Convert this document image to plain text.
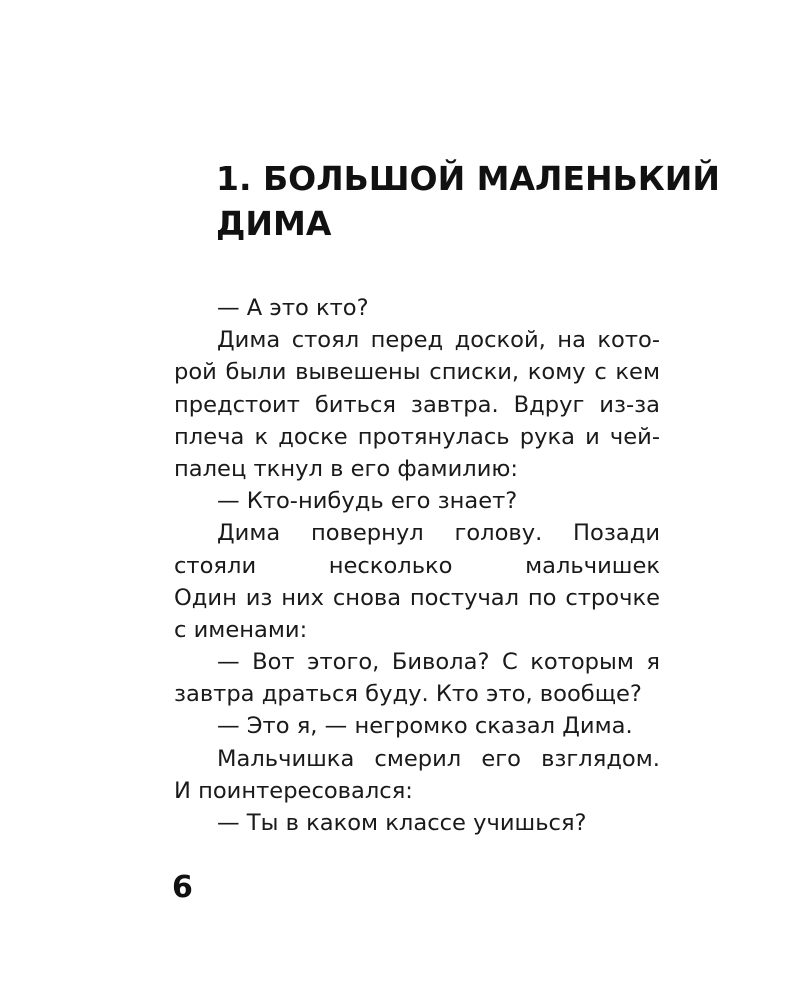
1. БОЛЬШОЙ МАЛЕНЬКИЙ
ДИМА
— А это кто?
Дима стоял перед доской, на кото-
рой были вывешены списки, кому с кем
предстоит биться завтра. Вдруг из-за
плеча к доске протянулась рука и чей-
палец ткнул в его фамилию:
— Кто-нибудь его знает?
Дима повернул голову. Позади
стояли несколько мальчишек
Один из них снова постучал по строчке
с именами:
— Вот этого, Бивола? С которым я
завтра драться буду. Кто это, вообще?
— Это я, — негромко сказал Дима.
Мальчишка смерил его взглядом.
И поинтересовался:
— Ты в каком классе учишься?
6
